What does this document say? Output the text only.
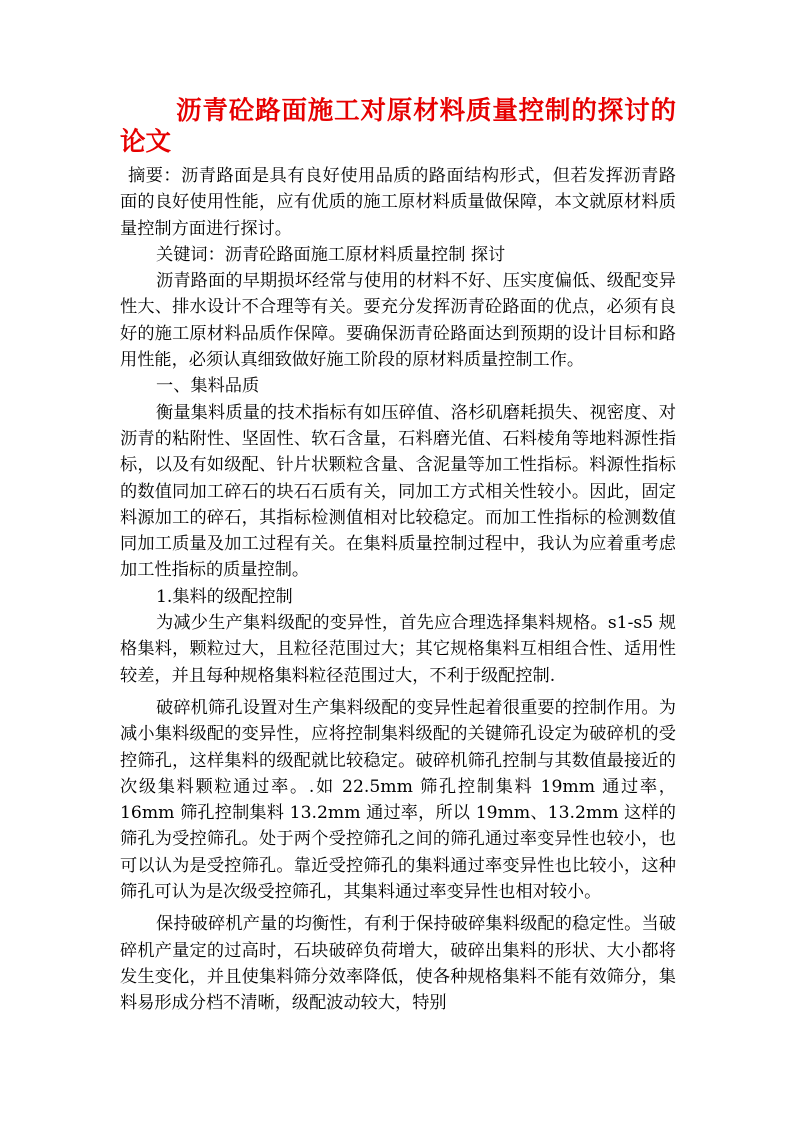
沥青砼路面施工对原材料质量控制的探讨的论文

摘要：沥青路面是具有良好使用品质的路面结构形式，但若发挥沥青路面的良好使用性能，应有优质的施工原材料质量做保障，本文就原材料质量控制方面进行探讨。

关键词：沥青砼路面施工原材料质量控制 探讨

沥青路面的早期损坏经常与使用的材料不好、压实度偏低、级配变异性大、排水设计不合理等有关。要充分发挥沥青砼路面的优点，必须有良好的施工原材料品质作保障。要确保沥青砼路面达到预期的设计目标和路用性能，必须认真细致做好施工阶段的原材料质量控制工作。

一、集料品质

衡量集料质量的技术指标有如压碎值、洛杉矶磨耗损失、视密度、对沥青的粘附性、坚固性、软石含量，石料磨光值、石料棱角等地料源性指标，以及有如级配、针片状颗粒含量、含泥量等加工性指标。料源性指标的数值同加工碎石的块石石质有关，同加工方式相关性较小。因此，固定料源加工的碎石，其指标检测值相对比较稳定。而加工性指标的检测数值同加工质量及加工过程有关。在集料质量控制过程中，我认为应着重考虑加工性指标的质量控制。

1.集料的级配控制

为减少生产集料级配的变异性，首先应合理选择集料规格。s1-s5 规格集料，颗粒过大，且粒径范围过大；其它规格集料互相组合性、适用性较差，并且每种规格集料粒径范围过大，不利于级配控制.

破碎机筛孔设置对生产集料级配的变异性起着很重要的控制作用。为减小集料级配的变异性，应将控制集料级配的关键筛孔设定为破碎机的受控筛孔，这样集料的级配就比较稳定。破碎机筛孔控制与其数值最接近的次级集料颗粒通过率。.如 22.5mm 筛孔控制集料 19mm 通过率，16mm 筛孔控制集料 13.2mm 通过率，所以 19mm、13.2mm 这样的筛孔为受控筛孔。处于两个受控筛孔之间的筛孔通过率变异性也较小，也可以认为是受控筛孔。靠近受控筛孔的集料通过率变异性也比较小，这种筛孔可认为是次级受控筛孔，其集料通过率变异性也相对较小。

保持破碎机产量的均衡性，有利于保持破碎集料级配的稳定性。当破碎机产量定的过高时，石块破碎负荷增大，破碎出集料的形状、大小都将发生变化，并且使集料筛分效率降低，使各种规格集料不能有效筛分，集料易形成分档不清晰，级配波动较大，特别
